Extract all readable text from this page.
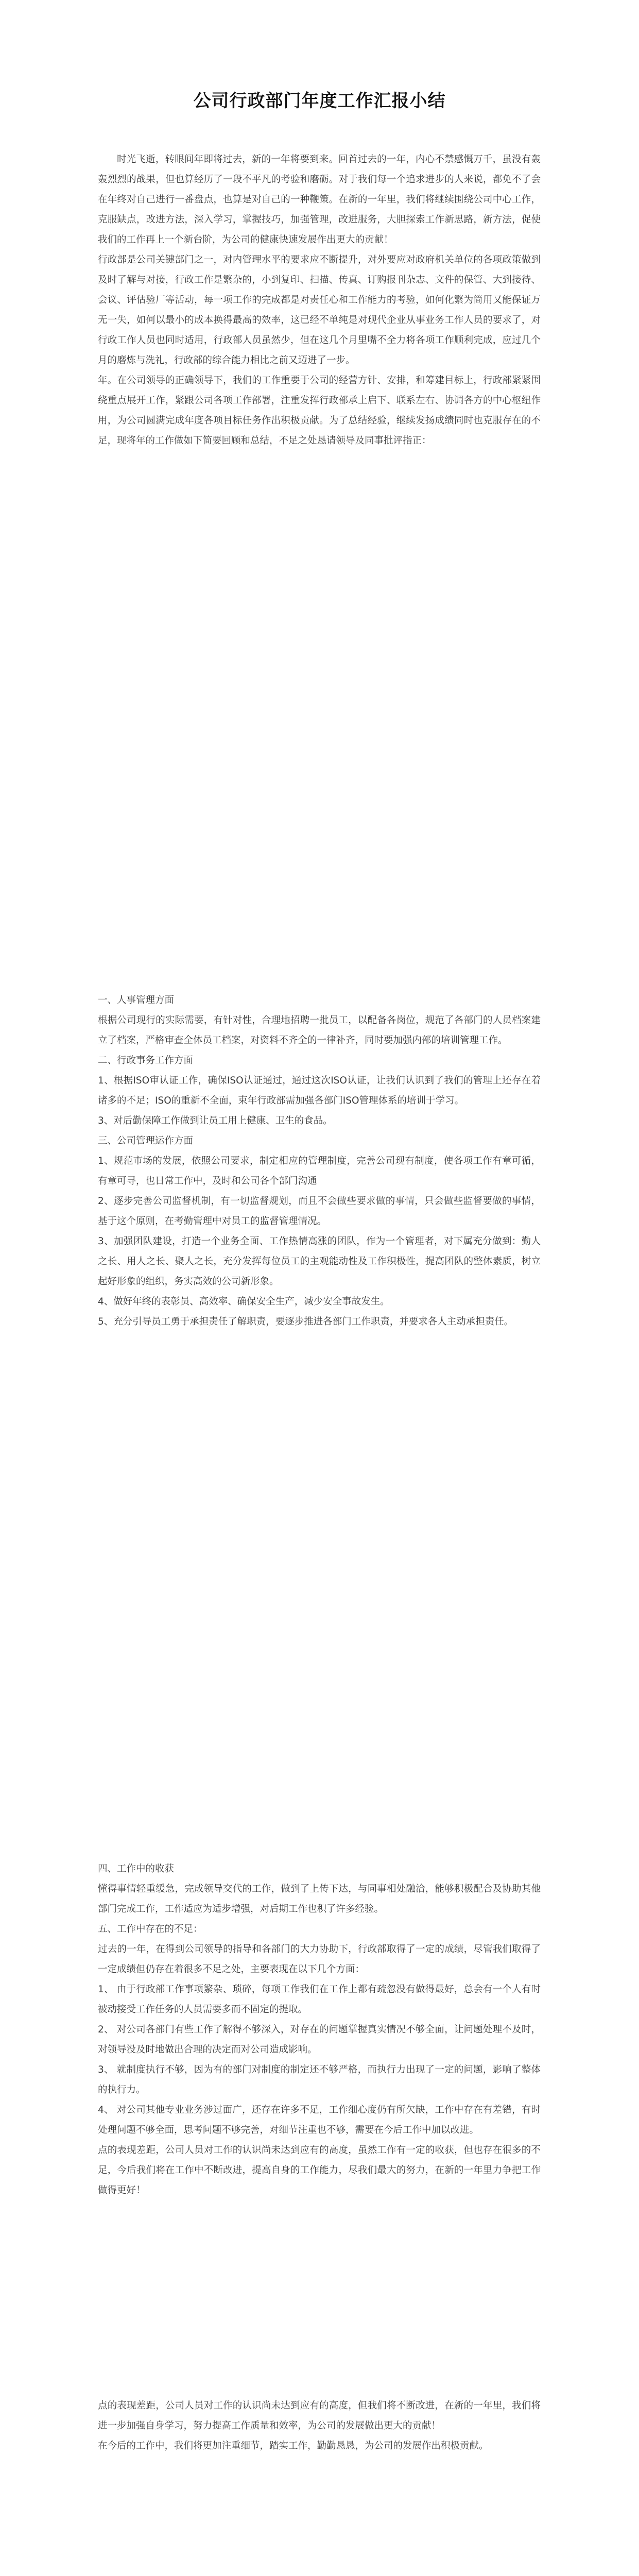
公司行政部门年度工作汇报小结

时光飞逝，转眼间年即将过去，新的一年将要到来。回首过去的一年，内心不禁感慨万千，虽没有轰轰烈烈的战果，但也算经历了一段不平凡的考验和磨砺。对于我们每一个追求进步的人来说，都免不了会在年终对自己进行一番盘点，也算是对自己的一种鞭策。在新的一年里，我们将继续围绕公司中心工作，克服缺点，改进方法，深入学习，掌握技巧，加强管理，改进服务，大胆探索工作新思路，新方法，促使我们的工作再上一个新台阶，为公司的健康快速发展作出更大的贡献！

行政部是公司关键部门之一，对内管理水平的要求应不断提升，对外要应对政府机关单位的各项政策做到及时了解与对接，行政工作是繁杂的，小到复印、扫描、传真、订购报刊杂志、文件的保管、大到接待、会议、评估验厂等活动，每一项工作的完成都是对责任心和工作能力的考验，如何化繁为简用又能保证万无一失，如何以最小的成本换得最高的效率，这已经不单纯是对现代企业从事业务工作人员的要求了，对行政工作人员也同时适用，行政部人员虽然少，但在这几个月里嘴不全力将各项工作顺利完成，应过几个月的磨炼与洗礼，行政部的综合能力相比之前又迈进了一步。

年。在公司领导的正确领导下，我们的工作重要于公司的经营方针、安排，和筹建目标上，行政部紧紧围绕重点展开工作，紧跟公司各项工作部署，注重发挥行政部承上启下、联系左右、协调各方的中心枢纽作用，为公司圆满完成年度各项目标任务作出积极贡献。为了总结经验，继续发扬成绩同时也克服存在的不足，现将年的工作做如下简要回顾和总结，不足之处恳请领导及同事批评指正：

一、人事管理方面

根据公司现行的实际需要，有针对性，合理地招聘一批员工，以配备各岗位，规范了各部门的人员档案建立了档案，严格审查全体员工档案，对资料不齐全的一律补齐，同时要加强内部的培训管理工作。

二、行政事务工作方面

1、根据ISO审认证工作，确保ISO认证通过，通过这次ISO认证，让我们认识到了我们的管理上还存在着诸多的不足；ISO的重新不全面，束年行政部需加强各部门ISO管理体系的培训于学习。

3、对后勤保障工作做到让员工用上健康、卫生的食品。

三、公司管理运作方面

1、规范市场的发展，依照公司要求，制定相应的管理制度，完善公司现有制度，使各项工作有章可循，有章可寻，也日常工作中，及时和公司各个部门沟通

2、逐步完善公司监督机制，有一切监督规划，而且不会做些要求做的事情，只会做些监督要做的事情，基于这个原则，在考勤管理中对员工的监督管理情况。

3、加强团队建设，打造一个业务全面、工作热情高涨的团队，作为一个管理者，对下属充分做到：勤人之长、用人之长、聚人之长，充分发挥每位员工的主观能动性及工作积极性，提高团队的整体素质，树立起好形象的组织，务实高效的公司新形象。

4、做好年终的表彰员、高效率、确保安全生产，减少安全事故发生。

5、充分引导员工勇于承担责任了解职责，要逐步推进各部门工作职责，并要求各人主动承担责任。

四、工作中的收获

懂得事情轻重缓急，完成领导交代的工作，做到了上传下达，与同事相处融洽，能够积极配合及协助其他部门完成工作，工作适应为适步增强，对后期工作也积了许多经验。

五、工作中存在的不足：

过去的一年，在得到公司领导的指导和各部门的大力协助下，行政部取得了一定的成绩，尽管我们取得了一定成绩但仍存在着很多不足之处，主要表现在以下几个方面：

1、 由于行政部工作事项繁杂、琐碎，每项工作我们在工作上都有疏忽没有做得最好，总会有一个人有时被动接受工作任务的人员需要多而不固定的提取。

2、 对公司各部门有些工作了解得不够深入，对存在的问题掌握真实情况不够全面，让问题处理不及时，对领导没及时地做出合理的决定而对公司造成影响。

3、 就制度执行不够，因为有的部门对制度的制定还不够严格，而执行力出现了一定的问题，影响了整体的执行力。

4、 对公司其他专业业务涉过面广，还存在许多不足，工作细心度仍有所欠缺，工作中存在有差错，有时处理问题不够全面，思考问题不够完善，对细节注重也不够，需要在今后工作中加以改进。

点的表现差距，公司人员对工作的认识尚未达到应有的高度，虽然工作有一定的收获，但也存在很多的不足，今后我们将在工作中不断改进，提高自身的工作能力，尽我们最大的努力，在新的一年里力争把工作做得更好！

点的表现差距，公司人员对工作的认识尚未达到应有的高度，但我们将不断改进，在新的一年里，我们将进一步加强自身学习，努力提高工作质量和效率，为公司的发展做出更大的贡献！

在今后的工作中，我们将更加注重细节，踏实工作，勤勤恳恳，为公司的发展作出积极贡献。
